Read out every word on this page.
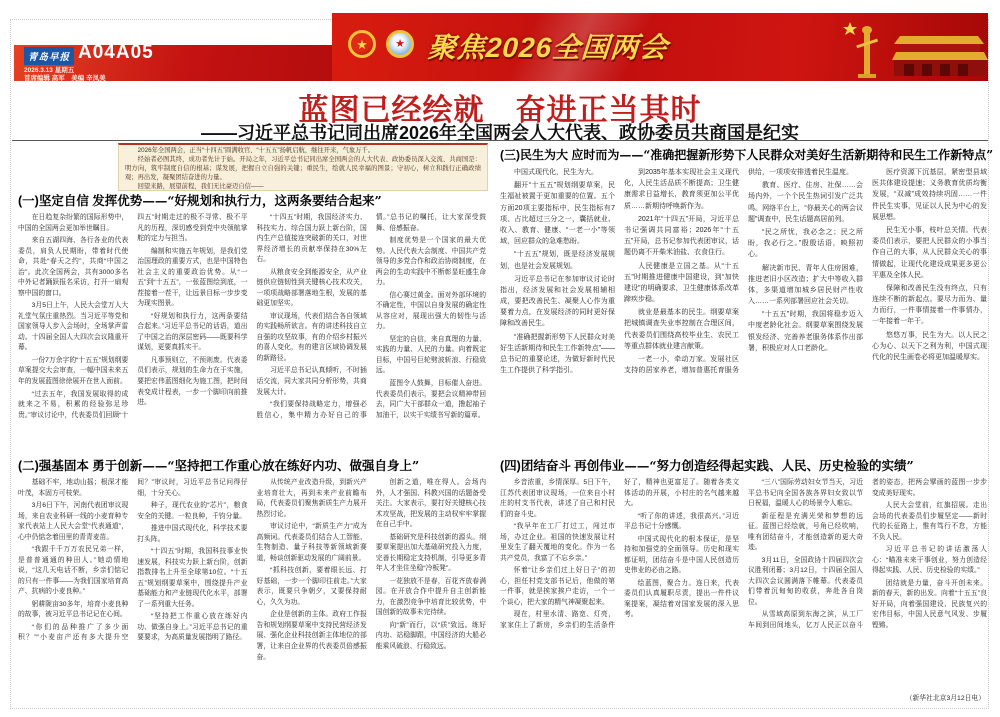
青岛早报 A04A05
2026.3.13 星期五
首席编辑 高军　美编 辛凤美
★	★ 聚焦2026全国两会
蓝图已经绘就　奋进正当其时
——习近平总书记同出席2026年全国两会人大代表、政协委员共商国是纪实

2026年全国两会，正当“十四五”圆满收官、“十五五”扬帆启航，继往开来，气象万千。

经始者必图其终，成功者先计于始。开局之年，习近平总书记同出席全国两会的人大代表、政协委员深入交流、共商国是：明方向，筑牢制度自信的根基；谋发展，把握自立自强的关键；重民生，绘就人民幸福的图景；守初心，树立和践行正确政绩观；再出发，凝聚团结奋进的力量。

回望来路，展望前程，我们无比豪迈自信——

(一)坚定自信 发挥优势——“好规划和执行力，这两条要结合起来”

在日趋复杂纷繁的国际形势中，中国的全国两会更加举世瞩目。

来自五湖四海、各行各业的代表委员，肩负人民期盼，带着时代使命，共赴“春天之约”，共商“中国之治”。此次全国两会，共有3000多名中外记者踊跃报名采访，打开一扇观察中国的窗口。

3月5日上午，人民大会堂万人大礼堂气氛庄重热烈。当习近平等党和国家领导人步入会场时，全场掌声雷动。十四届全国人大四次会议隆重开幕。

一份7万余字的“十五五”规划纲要草案提交大会审查，一幅中国未来五年的发展蓝图徐徐展开在世人面前。

“过去五年，我国发展取得的成就来之不易，积累的经验弥足珍贵。”审议讨论中，代表委员们回顾“十四五”时期走过的极不寻常、极不平凡的历程，深切感受到党中央领航掌舵的定力与担当。

编制和实施五年规划，是我们党治国理政的重要方式，也是中国特色社会主义的重要政治优势。从“一五”到“十五五”，一张蓝图绘到底，一茬接着一茬干，让远景目标一步步变为现实图景。

“好规划和执行力，这两条要结合起来。”习近平总书记的话语，道出了中国之治的深层密码——既要科学谋划，更要真抓实干。

凡事预则立，不预则废。代表委员们表示，规划的生命力在于实施，要把宏伟蓝图细化为施工图，把时间表变成计程表，一步一个脚印向前推进。

“十四五”时期，我国经济实力、科技实力、综合国力跃上新台阶，国内生产总值接连突破新的关口，对世界经济增长的贡献率保持在30%左右。

从粮食安全到能源安全，从产业链供应链韧性到关键核心技术攻关，一项项战略部署落地生根，发展的基础更加坚实。

审议现场，代表们结合各自领域的实践畅所欲言。有的讲述科技自立自强的攻坚故事，有的介绍乡村振兴的喜人变化，有的建言区域协调发展的新路径。

习近平总书记认真倾听，不时插话交流，同大家共同分析形势，共商发展大计。

“我们要保持战略定力，增强必胜信心，集中精力办好自己的事情。”总书记的嘱托，让大家深受鼓舞、倍感振奋。

制度优势是一个国家的最大优势。人民代表大会制度、中国共产党领导的多党合作和政治协商制度，在两会的生动实践中不断彰显旺盛生命力。

信心赛过黄金。面对外部环境的不确定性，中国以自身发展的确定性从容应对，展现出强大的韧性与活力。

坚定的自信，来自真理的力量、实践的力量、人民的力量。向着既定目标，中国号巨轮劈波斩浪、行稳致远。

蓝图令人鼓舞，目标催人奋进。代表委员们表示，要把会议精神带回去，同广大干部群众一道，撸起袖子加油干，以实干实绩书写新的篇章。

(二)强基固本 勇于创新——“坚持把工作重心放在练好内功、做强自身上”

基础不牢，地动山摇；根深才能叶茂，本固方可枝荣。

3月6日下午，河南代表团审议现场，来自农业科研一线的小麦育种专家代表站上人民大会堂“代表通道”，心中仍惦念着田里的青青麦苗。

“我跟千千万万农民兄弟一样，是普普通通的种田人。”她动情地说，“这几天电话不断，乡亲们惦记的只有一件事——为我们国家培育高产、抗病的小麦良种。”

躬耕陇亩30多年，培育小麦良种的故事，被习近平总书记记在心间。

“你们的品种推广了多少面积？”“小麦亩产还有多大提升空间？”审议时，习近平总书记问得仔细，十分关心。

种子，现代农业的“芯片”，粮食安全的关键。一粒良种，千钧分量。

推进中国式现代化，科学技术要打头阵。

“十四五”时期，我国科技事业快速发展，科技实力跃上新台阶，创新指数排名上升至全球第10位。“十五五”规划纲要草案中，围绕提升产业基础能力和产业链现代化水平，部署了一系列重大任务。

“坚持把工作重心放在练好内功、做强自身上。”习近平总书记的重要要求，为高质量发展指明了路径。

从传统产业改造升级，到新兴产业培育壮大，再到未来产业前瞻布局，代表委员们聚焦新质生产力展开热烈讨论。

审议讨论中，“新质生产力”成为高频词。代表委员们结合人工智能、生物制造、量子科技等新领域新赛道，畅谈创新驱动发展的广阔前景。

“抓科技创新，要着眼长远、打好基础，一步一个脚印往前走。”大家表示，既要只争朝夕，又要保持耐心，久久为功。

企业是创新的主体。政府工作报告和规划纲要草案中支持民营经济发展、强化企业科技创新主体地位的部署，让来自企业界的代表委员倍感振奋。

创新之道，唯在得人。会场内外，人才强国、科教兴国的话题备受关注。大家表示，要打好关键核心技术攻坚战，把发展的主动权牢牢掌握在自己手中。

基础研究是科技创新的源头。纲要草案提出加大基础研究投入力度，完善长期稳定支持机制，引导更多青年人才坐住坐稳“冷板凳”。

一花独放不是春，百花齐放春满园。在开放合作中提升自主创新能力，在激烈竞争中培育比较优势，中国创新的故事未完待续。

向“新”而行，以“质”致远。练好内功、站稳脚跟，中国经济的大船必能乘风破浪、行稳致远。

(三)民生为大 应时而为——“准确把握新形势下人民群众对美好生活新期待和民生工作新特点”

中国式现代化，民生为大。

翻开“十五五”规划纲要草案，民生福祉被置于更加重要的位置。五个方面20项主要指标中，民生指标有7项、占比超过三分之一，囊括就业、收入、教育、健康、“一老一小”等领域，回应群众的急难愁盼。

“十五五”规划，既是经济发展规划，也是社会发展规划。

习近平总书记在参加审议讨论时指出，经济发展和社会发展相辅相成，要把改善民生、凝聚人心作为重要着力点，在发展经济的同时更好保障和改善民生。

“准确把握新形势下人民群众对美好生活新期待和民生工作新特点”——总书记的重要论述，为做好新时代民生工作提供了科学指引。

到2035年基本实现社会主义现代化，人民生活品质不断提高；卫生健康需求日益增长，教育须更加公平优质……新期待呼唤新作为。

2021年“十四五”开局，习近平总书记强调共同富裕；2026年“十五五”开局，总书记参加代表团审议，话题仍离不开柴米油盐、衣食住行。

人民健康是立国之基。从“十五五”时期推进健康中国建设，到“加快建设”的明确要求，卫生健康体系改革蹄疾步稳。

就业是最基本的民生。纲要草案把城镇调查失业率控制在合理区间，代表委员们围绕高校毕业生、农民工等重点群体就业建言献策。

一老一小，牵动万家。发展社区支持的居家养老，增加普惠托育服务供给，一项项安排透着民生温度。

教育、医疗、住房、社保……会场内外，一个个民生热词引发广泛共鸣。网络平台上，“你最关心的两会议题”调查中，民生话题高居前列。

“民之所忧，我必念之；民之所盼，我必行之。”殷殷话语，映照初心。

解决新市民、青年人住房困难，推进老旧小区改造；扩大中等收入群体，多渠道增加城乡居民财产性收入……一系列部署回应社会关切。

“十五五”时期，我国将稳步迈入中度老龄化社会。纲要草案围绕发展银发经济、完善养老服务体系作出部署，积极应对人口老龄化。

医疗资源下沉基层，紧密型县域医共体建设提速；义务教育优质均衡发展，“双减”成效持续巩固……一件件民生实事，见证以人民为中心的发展思想。

民生无小事，枝叶总关情。代表委员们表示，要把人民群众的小事当作自己的大事，从人民群众关心的事情做起，让现代化建设成果更多更公平惠及全体人民。

保障和改善民生没有终点，只有连续不断的新起点。要尽力而为、量力而行，一件事情接着一件事情办，一年接着一年干。

悠悠万事，民生为大。以人民之心为心、以天下之利为利，中国式现代化的民生画卷必将更加温暖厚实。

(四)团结奋斗 再创伟业——“努力创造经得起实践、人民、历史检验的实绩”

乡音浓重，乡情深厚。5日下午，江苏代表团审议现场，一位来自小村庄的村支书代表，讲述了自己和村民们的奋斗史。

“我早年在工厂打过工，闯过市场，办过企业。祖国的快速发展让村里发生了翻天覆地的变化。作为一名共产党员，我富了不忘乡亲。”

怀着“让乡亲们过上好日子”的初心，担任村党支部书记后，他做的第一件事，就是挨家挨户走访，一个一个谈心，把大家的精气神凝聚起来。

现在，村里水清、路宽、灯亮，家家住上了新房，乡亲们的生活条件好了，精神也更富足了。随着各类文体活动的开展，小村庄的名气越来越大。

“听了你的讲述，我很高兴。”习近平总书记十分感慨。

中国式现代化的根本保证，是坚持和加强党的全面领导。历史和现实都证明，团结奋斗是中国人民创造历史伟业的必由之路。

绘蓝图，聚合力。连日来，代表委员们认真履职尽责，提出一件件议案提案，凝结着对国家发展的深入思考。

“三八”国际劳动妇女节当天，习近平总书记向全国各族各界妇女致以节日祝福，温暖人心的场景令人难忘。

新征程是充满光荣和梦想的远征。蓝图已经绘就，号角已经吹响，唯有团结奋斗，才能创造新的更大奇迹。

3月11日，全国政协十四届四次会议胜利闭幕；3月12日，十四届全国人大四次会议圆满落下帷幕。代表委员们带着沉甸甸的收获，奔赴各自岗位。

从雪域高原到东海之滨，从工厂车间到田间地头，亿万人民正以奋斗者的姿态，把两会擘画的蓝图一步步变成美好现实。

人民大会堂前，红旗招展。走出会场的代表委员们步履坚定——新时代的长征路上，惟有笃行不怠，方能不负人民。

习近平总书记的讲话激荡人心：“瞄准未来干事创业，努力创造经得起实践、人民、历史检验的实绩。”

团结就是力量，奋斗开创未来。新的春天，新的出发。向着“十五五”良好开局，向着强国建设、民族复兴的宏伟目标，中国人民意气风发、步履铿锵。

（新华社北京3月12日电）
